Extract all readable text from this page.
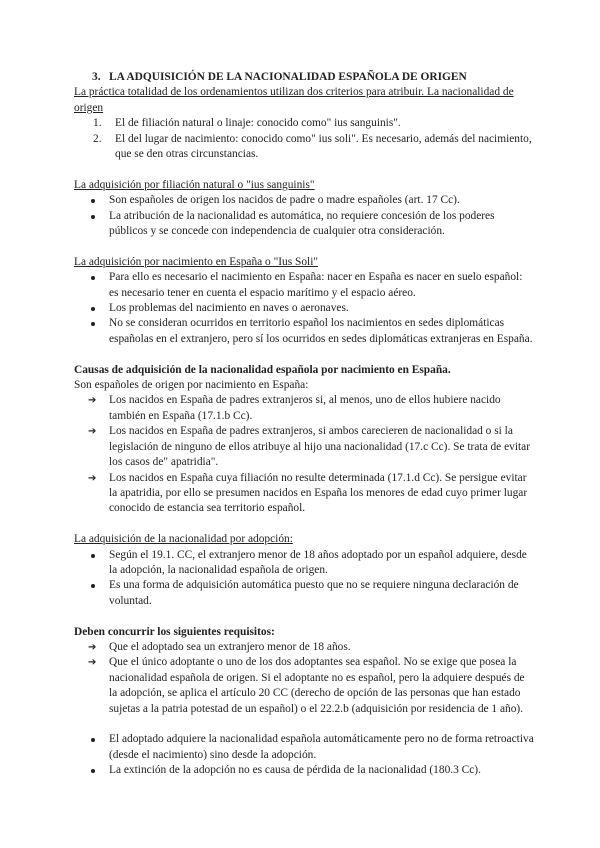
3. LA ADQUISICIÓN DE LA NACIONALIDAD ESPAÑOLA DE ORIGEN

La práctica totalidad de los ordenamientos utilizan dos criterios para atribuir. La nacionalidad de origen

1. El de filiación natural o linaje: conocido como" ius sanguinis".
2. El del lugar de nacimiento: conocido como" ius soli". Es necesario, además del nacimiento, que se den otras circunstancias.

La adquisición por filiación natural o "ius sanguinis"

Son españoles de origen los nacidos de padre o madre españoles (art. 17 Cc).
La atribución de la nacionalidad es automática, no requiere concesión de los poderes públicos y se concede con independencia de cualquier otra consideración.

La adquisición por nacimiento en España o "Ius Soli"

Para ello es necesario el nacimiento en España: nacer en España es nacer en suelo español: es necesario tener en cuenta el espacio marítimo y el espacio aéreo.
Los problemas del nacimiento en naves o aeronaves.
No se consideran ocurridos en territorio español los nacimientos en sedes diplomáticas españolas en el extranjero, pero sí los ocurridos en sedes diplomáticas extranjeras en España.

Causas de adquisición de la nacionalidad española por nacimiento en España.

Son españoles de origen por nacimiento en España:

➔ Los nacidos en España de padres extranjeros si, al menos, uno de ellos hubiere nacido también en España (17.1.b Cc).
➔ Los nacidos en España de padres extranjeros, si ambos carecieren de nacionalidad o si la legislación de ninguno de ellos atribuye al hijo una nacionalidad (17.c Cc). Se trata de evitar los casos de" apatridia".
➔ Los nacidos en España cuya filiación no resulte determinada (17.1.d Cc). Se persigue evitar la apatridia, por ello se presumen nacidos en España los menores de edad cuyo primer lugar conocido de estancia sea territorio español.

La adquisición de la nacionalidad por adopción:

Según el 19.1. CC, el extranjero menor de 18 años adoptado por un español adquiere, desde la adopción, la nacionalidad española de origen.
Es una forma de adquisición automática puesto que no se requiere ninguna declaración de voluntad.

Deben concurrir los siguientes requisitos:

➔ Que el adoptado sea un extranjero menor de 18 años.
➔ Que el único adoptante o uno de los dos adoptantes sea español. No se exige que posea la nacionalidad española de origen. Si el adoptante no es español, pero la adquiere después de la adopción, se aplica el artículo 20 CC (derecho de opción de las personas que han estado sujetas a la patria potestad de un español) o el 22.2.b (adquisición por residencia de 1 año).
El adoptado adquiere la nacionalidad española automáticamente pero no de forma retroactiva (desde el nacimiento) sino desde la adopción.
La extinción de la adopción no es causa de pérdida de la nacionalidad (180.3 Cc).
